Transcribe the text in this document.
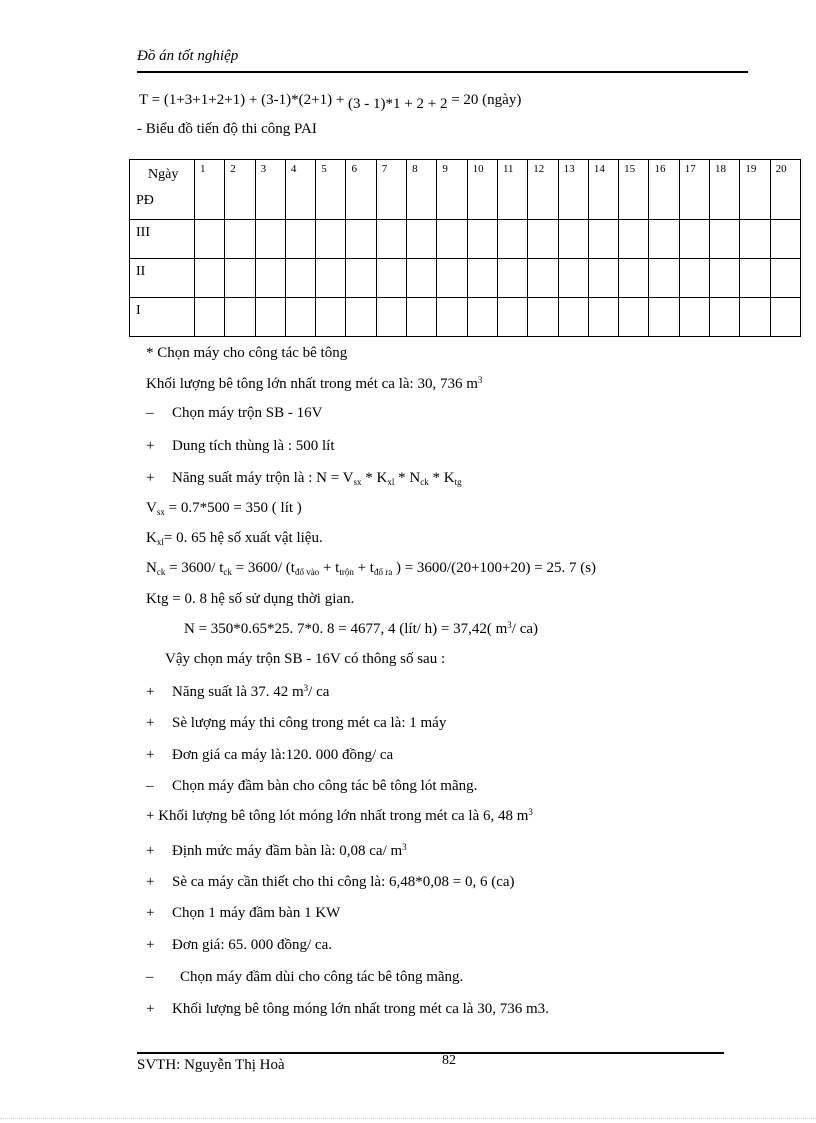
Đồ án tốt nghiệp
T = (1+3+1+2+1) + (3-1)*(2+1) + (3 - 1)*1 + 2 + 2 = 20 (ngày)
- Biểu đồ tiến độ thi công PAI
Ngày
PĐ	1	2	3	4	5	6	7	8	9	10	11	12	13	14	15	16	17	18	19	20
III																				
II																				
I																				
* Chọn máy cho công tác bê tông
Khối lượng bê tông lớn nhất trong mét ca là: 30, 736 $m^3$
– Chọn máy trộn SB - 16V
+ Dung tích thùng là : 500 lít
+ Năng suất máy trộn là : $N = V_{sx} * K_{xl} * N_{ck} * K_{tg}$
$V_{sx} = 0.7*500 = 350$ ( lít )
$K_{xl}= 0$. 65 hệ số xuất vật liệu.
$N_{ck} = 3600/$ $t_{ck} = 3600/$ ($t_{đổ vào} + t_{trộn} + t_{đổ ra}$ ) = 3600/(20+100+20) = 25. 7 (s)
Ktg = 0. 8 hệ số sử dụng thời gian.
N = 350*0.65*25. 7*0. 8 = 4677, 4 (lít/ h) = 37,42( $m^3/$ ca)
Vậy chọn máy trộn SB - 16V có thông số sau :
+ Năng suất là 37. 42 $m^3/$ ca
+ Sè lượng máy thi công trong mét ca là: 1 máy
+ Đơn giá ca máy là:120. 000 đồng/ ca
– Chọn máy đầm bàn cho công tác bê tông lót mãng.
+ Khối lượng bê tông lót móng lớn nhất trong mét ca là 6, 48 $m^3$
+ Định mức máy đầm bàn là: 0,08 ca/ $m^3$
+ Sè ca máy cần thiết cho thi công là: 6,48*0,08 = 0, 6 (ca)
+ Chọn 1 máy đầm bàn 1 KW
+ Đơn giá: 65. 000 đồng/ ca.
– Chọn máy đầm dùi cho công tác bê tông mãng.
+ Khối lượng bê tông móng lớn nhất trong mét ca là 30, 736 m3.
SVTH: Nguyễn Thị Hoà	82
